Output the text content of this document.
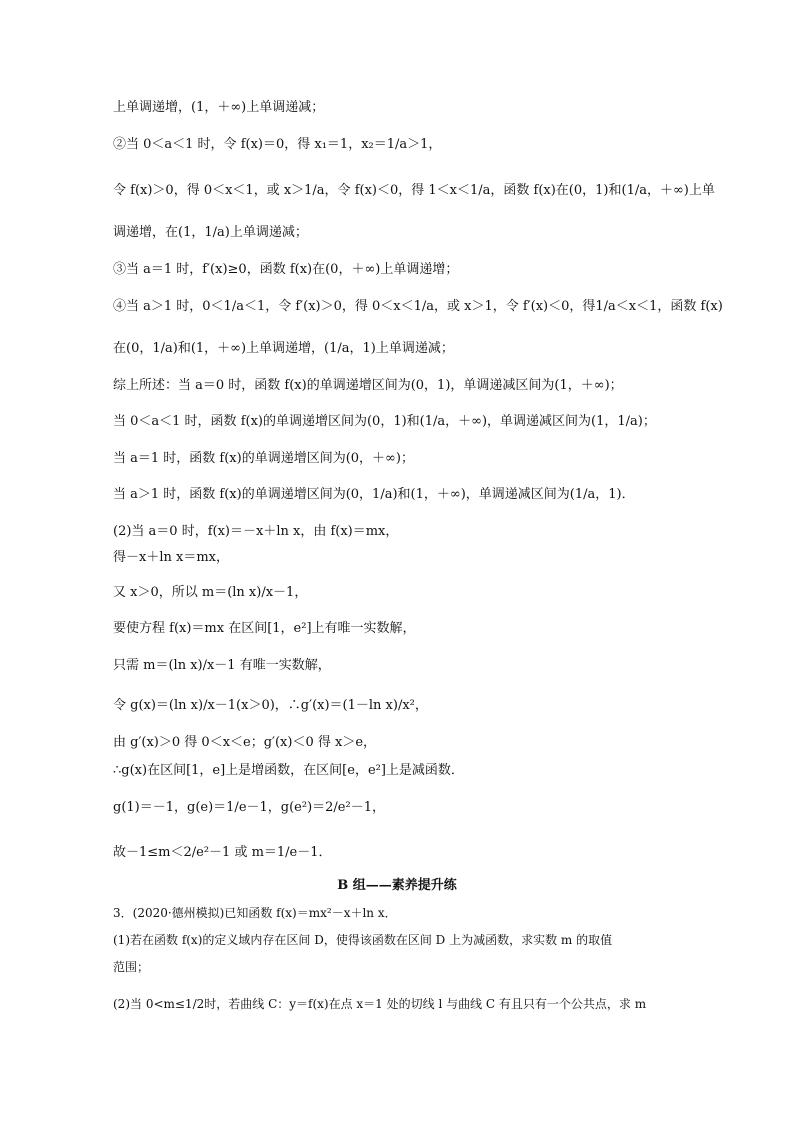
上单调递增，(1，＋∞)上单调递减；
②当 0＜a＜1 时，令 f(x)＝0，得 x₁＝1，x₂＝1/a＞1，
令 f(x)＞0，得 0＜x＜1，或 x＞1/a，令 f(x)＜0，得 1＜x＜1/a，函数 f(x)在(0，1)和(1/a，＋∞)上单
调递增，在(1，1/a)上单调递减；
③当 a＝1 时，f′(x)≥0，函数 f(x)在(0，＋∞)上单调递增；
④当 a＞1 时，0＜1/a＜1，令 f′(x)＞0，得 0＜x＜1/a，或 x＞1，令 f′(x)＜0，得1/a＜x＜1，函数 f(x)
在(0，1/a)和(1，＋∞)上单调递增，(1/a，1)上单调递减；
综上所述：当 a＝0 时，函数 f(x)的单调递增区间为(0，1)，单调递减区间为(1，＋∞)；
当 0＜a＜1 时，函数 f(x)的单调递增区间为(0，1)和(1/a，＋∞)，单调递减区间为(1，1/a)；
当 a＝1 时，函数 f(x)的单调递增区间为(0，＋∞)；
当 a＞1 时，函数 f(x)的单调递增区间为(0，1/a)和(1，＋∞)，单调递减区间为(1/a，1)．
(2)当 a＝0 时，f(x)＝－x＋ln x，由 f(x)＝mx，
得－x＋ln x＝mx，
又 x＞0，所以 m＝(ln x)/x－1，
要使方程 f(x)＝mx 在区间[1，e²]上有唯一实数解，
只需 m＝(ln x)/x－1 有唯一实数解，
令 g(x)＝(ln x)/x－1(x＞0)，∴g′(x)＝(1－ln x)/x²，
由 g′(x)＞0 得 0＜x＜e；g′(x)＜0 得 x＞e，
∴g(x)在区间[1，e]上是增函数，在区间[e，e²]上是减函数．
g(1)＝－1，g(e)＝1/e－1，g(e²)＝2/e²－1，
故－1≤m＜2/e²－1 或 m＝1/e－1．
3．(2020·德州模拟)已知函数 f(x)＝mx²－x＋ln x．
(1)若在函数 f(x)的定义域内存在区间 D，使得该函数在区间 D 上为减函数，求实数 m 的取值
范围；
(2)当 0<m≤1/2时，若曲线 C：y＝f(x)在点 x＝1 处的切线 l 与曲线 C 有且只有一个公共点，求 m
B 组——素养提升练
